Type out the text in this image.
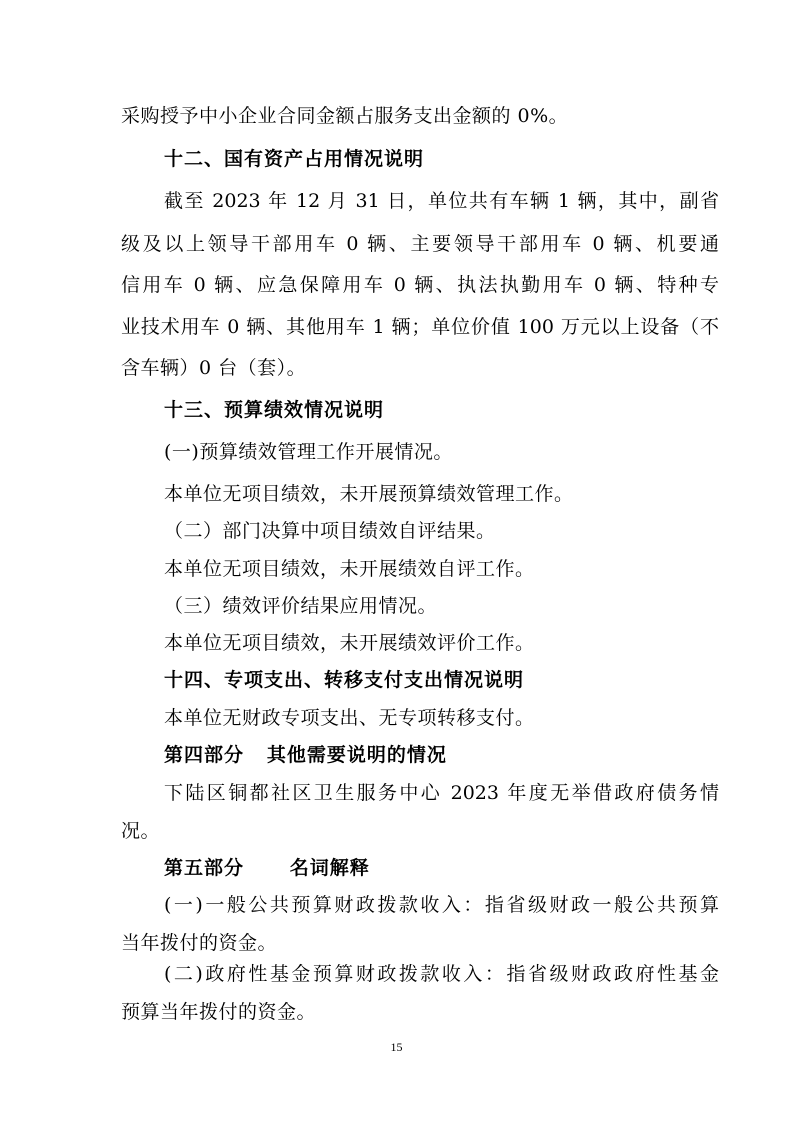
采购授予中小企业合同金额占服务支出金额的 0%。
十二、国有资产占用情况说明
截至 2023 年 12 月 31 日，单位共有车辆 1 辆，其中，副省
级及以上领导干部用车 0 辆、主要领导干部用车 0 辆、机要通
信用车 0 辆、应急保障用车 0 辆、执法执勤用车 0 辆、特种专
业技术用车 0 辆、其他用车 1 辆；单位价值 100 万元以上设备（不
含车辆）0 台（套）。
十三、预算绩效情况说明
(一)预算绩效管理工作开展情况。
本单位无项目绩效，未开展预算绩效管理工作。
（二）部门决算中项目绩效自评结果。
本单位无项目绩效，未开展绩效自评工作。
（三）绩效评价结果应用情况。
本单位无项目绩效，未开展绩效评价工作。
十四、专项支出、转移支付支出情况说明
本单位无财政专项支出、无专项转移支付。
第四部分   其他需要说明的情况
下陆区铜都社区卫生服务中心 2023 年度无举借政府债务情
况。
第五部分      名词解释
(一)一般公共预算财政拨款收入：指省级财政一般公共预算
当年拨付的资金。
(二)政府性基金预算财政拨款收入：指省级财政政府性基金
预算当年拨付的资金。
15
